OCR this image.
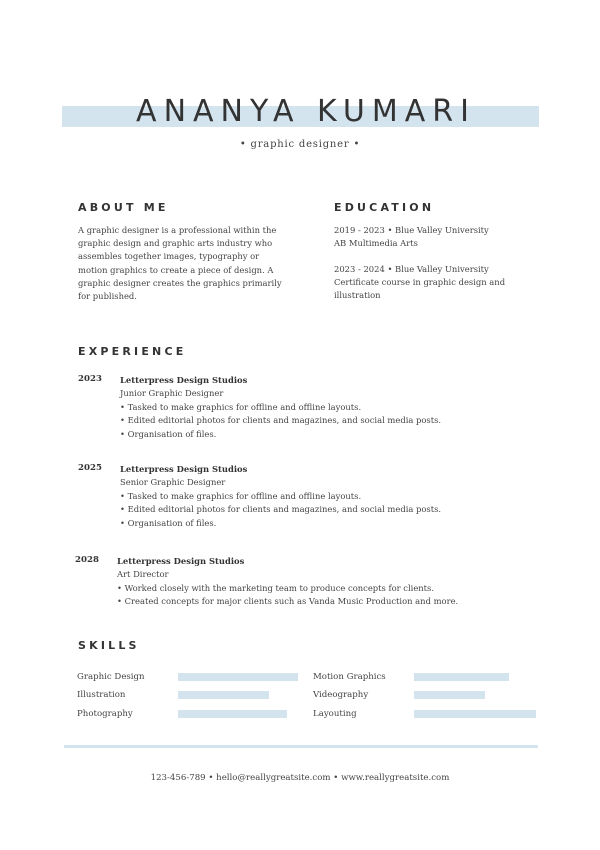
ANANYA KUMARI
• graphic designer •
ABOUT ME
A graphic designer is a professional within the
graphic design and graphic arts industry who
assembles together images, typography or
motion graphics to create a piece of design. A
graphic designer creates the graphics primarily
for published.
EDUCATION
2019 - 2023 • Blue Valley University
AB Multimedia Arts
2023 - 2024 • Blue Valley University
Certificate course in graphic design and
illustration
EXPERIENCE
2023 Letterpress Design Studios
Junior Graphic Designer
• Tasked to make graphics for offline and offline layouts.
• Edited editorial photos for clients and magazines, and social media posts.
• Organisation of files.
2025 Letterpress Design Studios
Senior Graphic Designer
• Tasked to make graphics for offline and offline layouts.
• Edited editorial photos for clients and magazines, and social media posts.
• Organisation of files.
2028 Letterpress Design Studios
Art Director
• Worked closely with the marketing team to produce concepts for clients.
• Created concepts for major clients such as Vanda Music Production and more.
SKILLS
Graphic Design
Illustration
Photography
Motion Graphics
Videography
Layouting
123-456-789 • hello@reallygreatsite.com • www.reallygreatsite.com
